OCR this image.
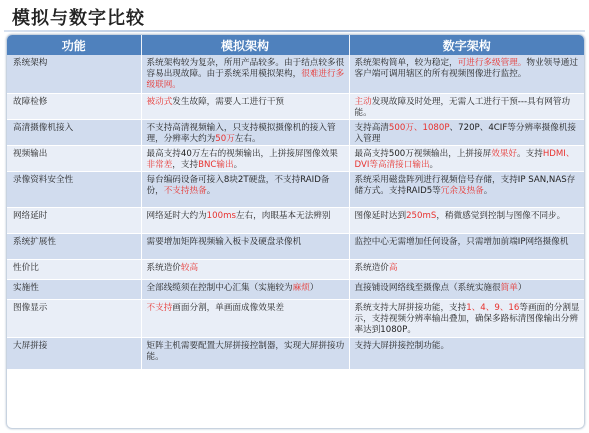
模拟与数字比较
功能	模拟架构	数字架构
系统架构	系统架构较为复杂，所用产品较多。由于结点较多很容易出现故障。由于系统采用模拟架构，很难进行多级联网。	系统架构简单，较为稳定，可进行多级管理。物业领导通过客户端可调用辖区的所有视频图像进行监控。
故障检修	被动式发生故障，需要人工进行干预	主动发现故障及时处理，无需人工进行干预---具有网管功能。
高清摄像机接入	不支持高清视频输入，只支持模拟摄像机的接入管理，分辨率大约为50万左右。	支持高清500万、1080P、720P、4CIF等分辨率摄像机接入管理
视频输出	最高支持40万左右的视频输出，上拼接屏图像效果非常差，支持BNC输出。	最高支持500万视频输出，上拼接屏效果好。支持HDMI、DVI等高清接口输出。
录像资料安全性	每台编码设备可接入8块2T硬盘，不支持RAID备份，不支持热备。	系统采用磁盘阵列进行视频信号存储，支持IP SAN,NAS存储方式。支持RAID5等冗余及热备。
网络延时	网络延时大约为100ms左右，肉眼基本无法辨别	图像延时达到250mS，稍微感觉到控制与图像不同步。
系统扩展性	需要增加矩阵视频输入板卡及硬盘录像机	监控中心无需增加任何设备，只需增加前端IP网络摄像机
性价比	系统造价较高	系统造价高
实施性	全部线缆须在控制中心汇集（实施较为麻烦）	直接铺设网络线至摄像点（系统实施很简单）
图像显示	不支持画面分割，单画面成像效果差	系统支持大屏拼接功能，支持1、4、9、16等画面的分割显示，支持视频分辨率输出叠加，确保多路标清图像输出分辨率达到1080P。
大屏拼接	矩阵主机需要配置大屏拼接控制器，实现大屏拼接功能。	支持大屏拼接控制功能。
